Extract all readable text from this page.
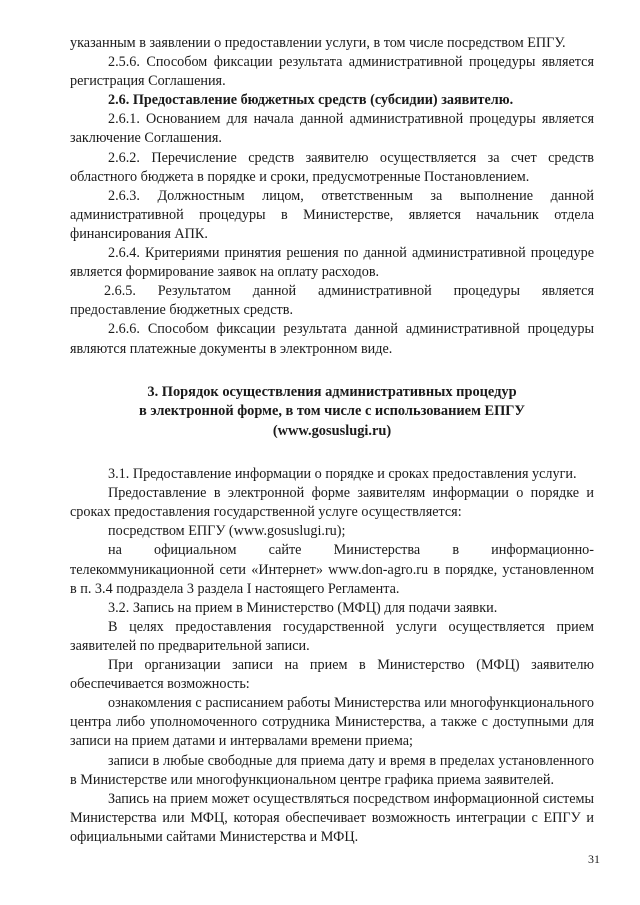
указанным в заявлении о предоставлении услуги, в том числе посредством ЕПГУ.

2.5.6. Способом фиксации результата административной процедуры является регистрация Соглашения.

2.6. Предоставление бюджетных средств (субсидии) заявителю.

2.6.1. Основанием для начала данной административной процедуры является заключение Соглашения.

2.6.2. Перечисление средств заявителю осуществляется за счет средств областного бюджета в порядке и сроки, предусмотренные Постановлением.

2.6.3. Должностным лицом, ответственным за выполнение данной административной процедуры в Министерстве, является начальник отдела финансирования АПК.

2.6.4. Критериями принятия решения по данной административной процедуре является формирование заявок на оплату расходов.

2.6.5. Результатом данной административной процедуры является предоставление бюджетных средств.

2.6.6. Способом фиксации результата данной административной процедуры являются платежные документы в электронном виде.

3. Порядок осуществления административных процедур
в электронной форме, в том числе с использованием ЕПГУ
(www.gosuslugi.ru)

3.1. Предоставление информации о порядке и сроках предоставления услуги.

Предоставление в электронной форме заявителям информации о порядке и сроках предоставления государственной услуге осуществляется:

посредством ЕПГУ (www.gosuslugi.ru);

на официальном сайте Министерства в информационно-телекоммуникационной сети «Интернет» www.don-agro.ru в порядке, установленном в п. 3.4 подраздела 3 раздела I настоящего Регламента.

3.2. Запись на прием в Министерство (МФЦ) для подачи заявки.

В целях предоставления государственной услуги осуществляется прием заявителей по предварительной записи.

При организации записи на прием в Министерство (МФЦ) заявителю обеспечивается возможность:

ознакомления с расписанием работы Министерства или многофункционального центра либо уполномоченного сотрудника Министерства, а также с доступными для записи на прием датами и интервалами времени приема;

записи в любые свободные для приема дату и время в пределах установленного в Министерстве или многофункциональном центре графика приема заявителей.

Запись на прием может осуществляться посредством информационной системы Министерства или МФЦ, которая обеспечивает возможность интеграции с ЕПГУ и официальными сайтами Министерства и МФЦ.

31
